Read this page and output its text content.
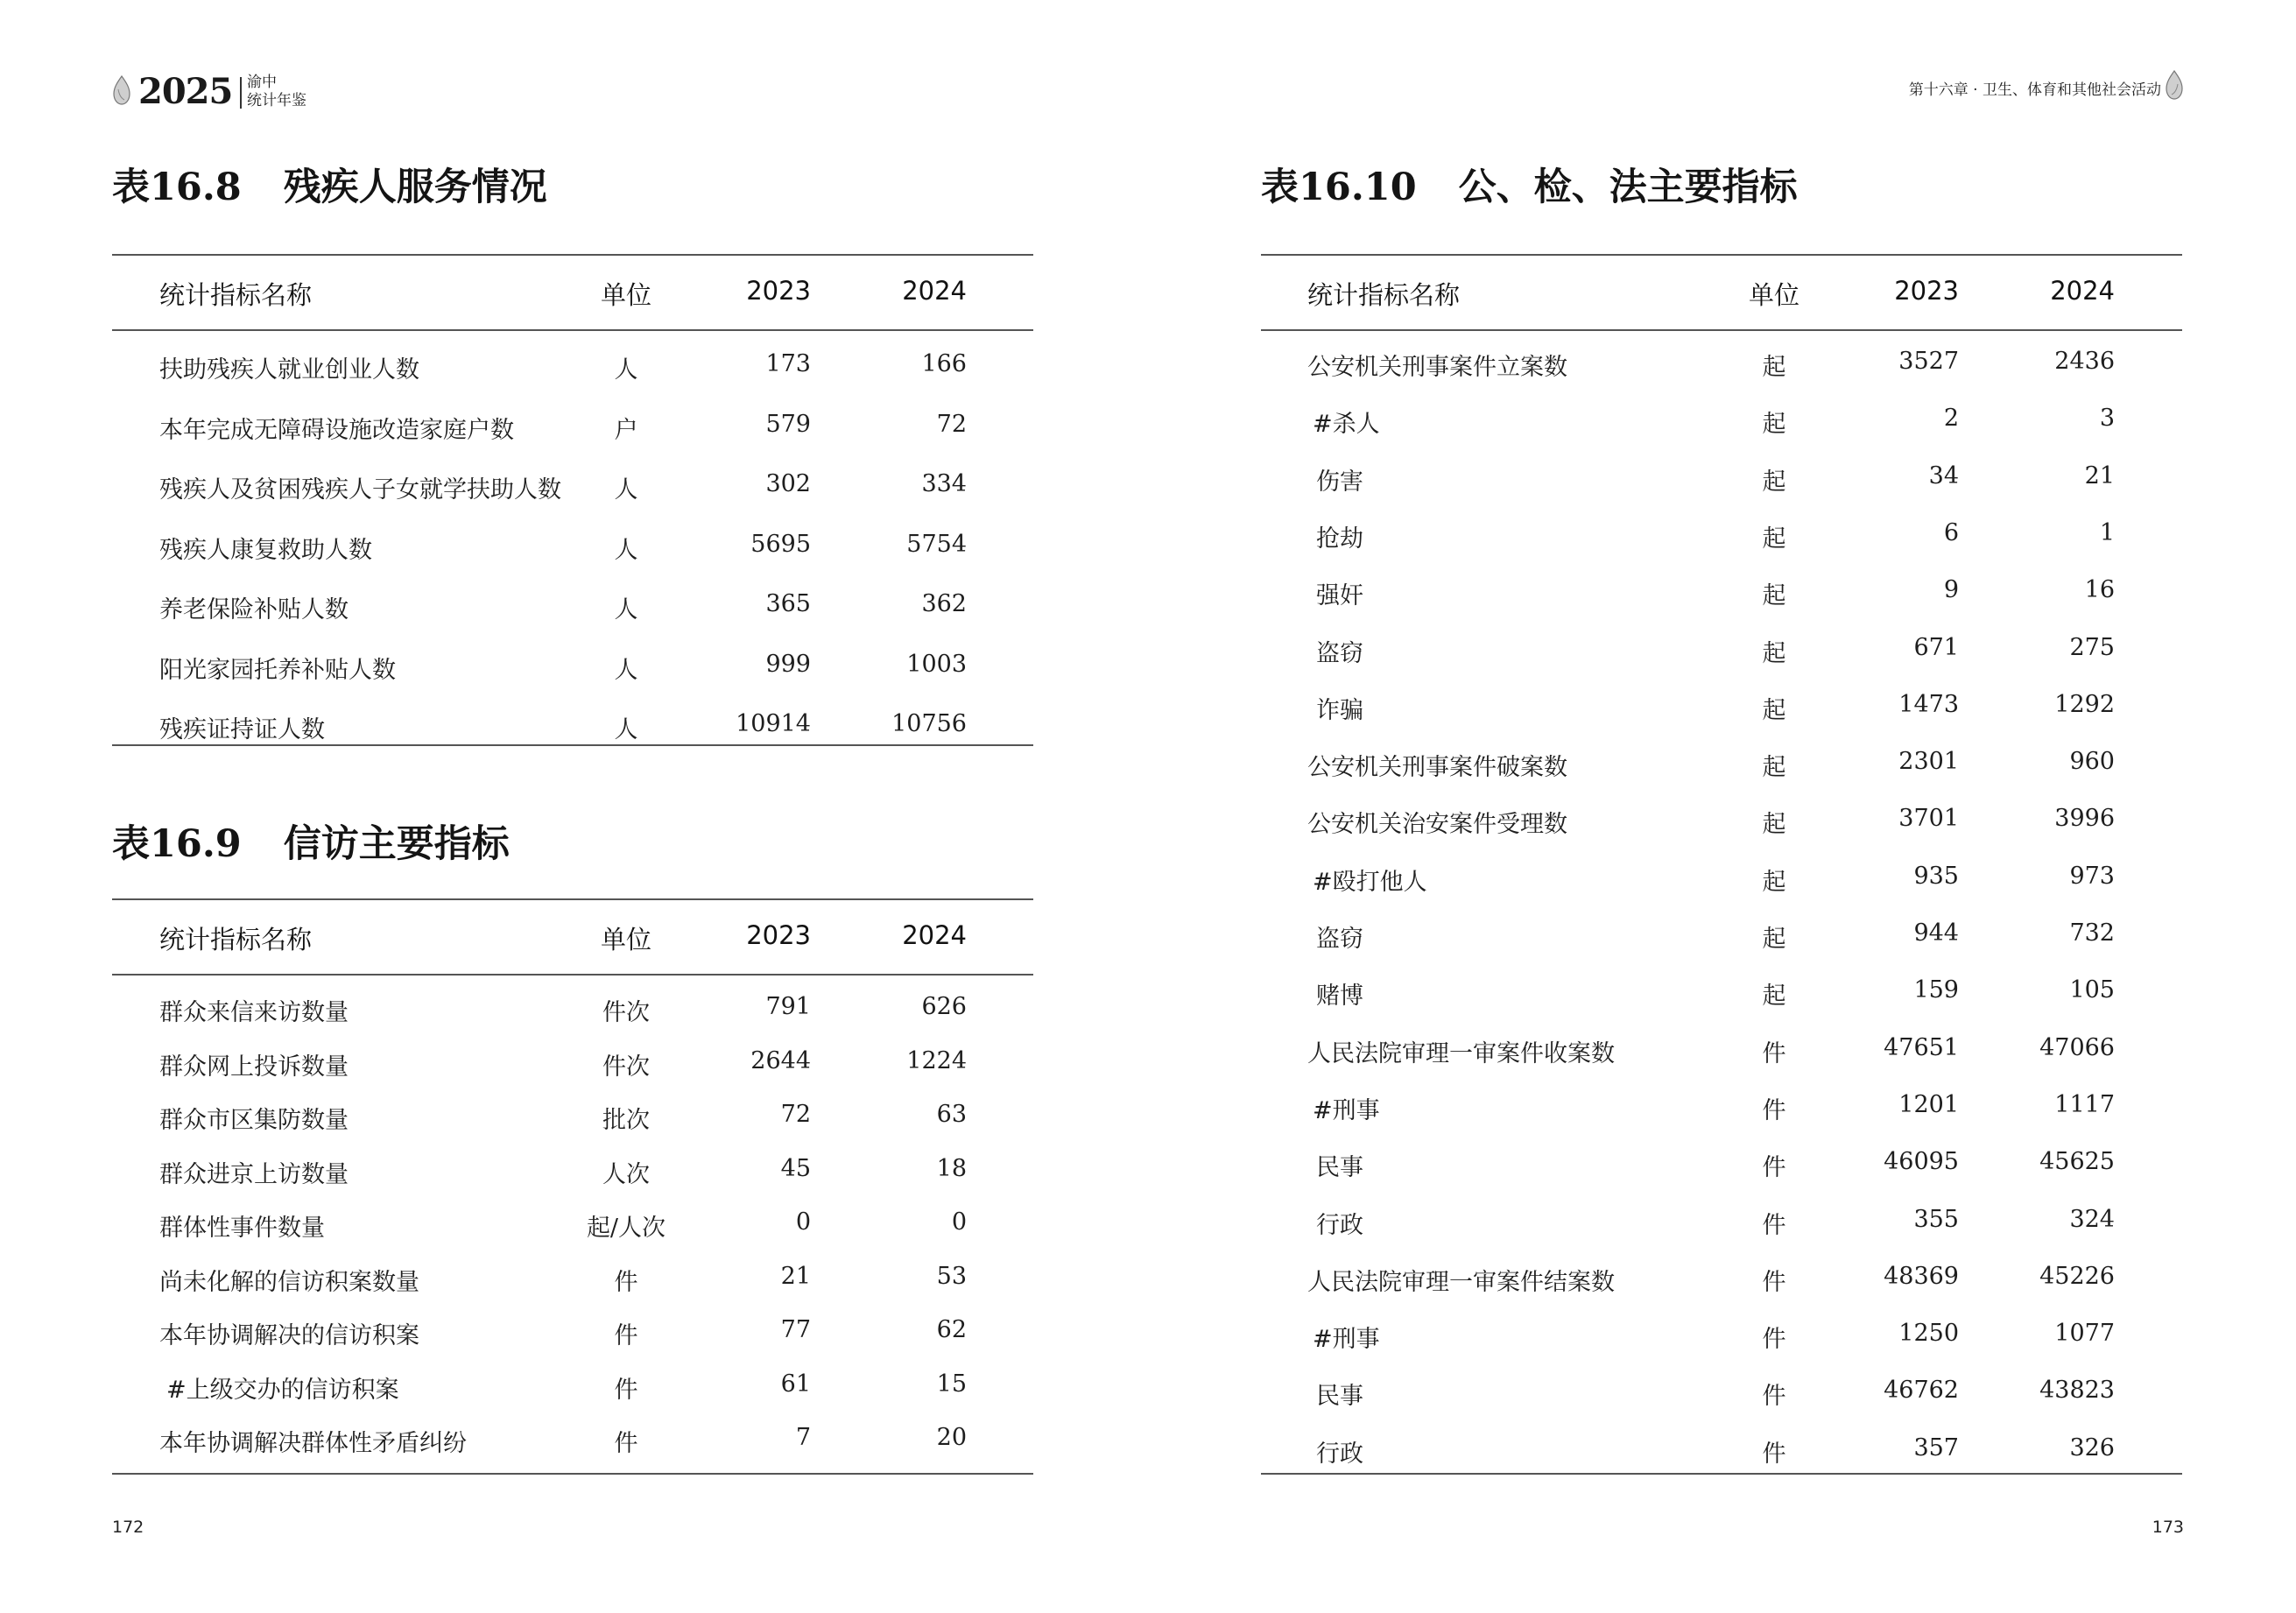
2025 渝中
统计年鉴
第十六章 · 卫生、体育和其他社会活动
表16.8 残疾人服务情况
统计指标名称	单位	2023	2024
扶助残疾人就业创业人数	人	173	166
本年完成无障碍设施改造家庭户数	户	579	72
残疾人及贫困残疾人子女就学扶助人数	人	302	334
残疾人康复救助人数	人	5695	5754
养老保险补贴人数	人	365	362
阳光家园托养补贴人数	人	999	1003
残疾证持证人数	人	10914	10756
表16.9 信访主要指标
统计指标名称	单位	2023	2024
群众来信来访数量	件次	791	626
群众网上投诉数量	件次	2644	1224
群众市区集防数量	批次	72	63
群众进京上访数量	人次	45	18
群体性事件数量	起/人次	0	0
尚未化解的信访积案数量	件	21	53
本年协调解决的信访积案	件	77	62
#上级交办的信访积案	件	61	15
本年协调解决群体性矛盾纠纷	件	7	20
表16.10 公、检、法主要指标
统计指标名称	单位	2023	2024
公安机关刑事案件立案数	起	3527	2436
#杀人	起	2	3
伤害	起	34	21
抢劫	起	6	1
强奸	起	9	16
盗窃	起	671	275
诈骗	起	1473	1292
公安机关刑事案件破案数	起	2301	960
公安机关治安案件受理数	起	3701	3996
#殴打他人	起	935	973
盗窃	起	944	732
赌博	起	159	105
人民法院审理一审案件收案数	件	47651	47066
#刑事	件	1201	1117
民事	件	46095	45625
行政	件	355	324
人民法院审理一审案件结案数	件	48369	45226
#刑事	件	1250	1077
民事	件	46762	43823
行政	件	357	326
172	173
